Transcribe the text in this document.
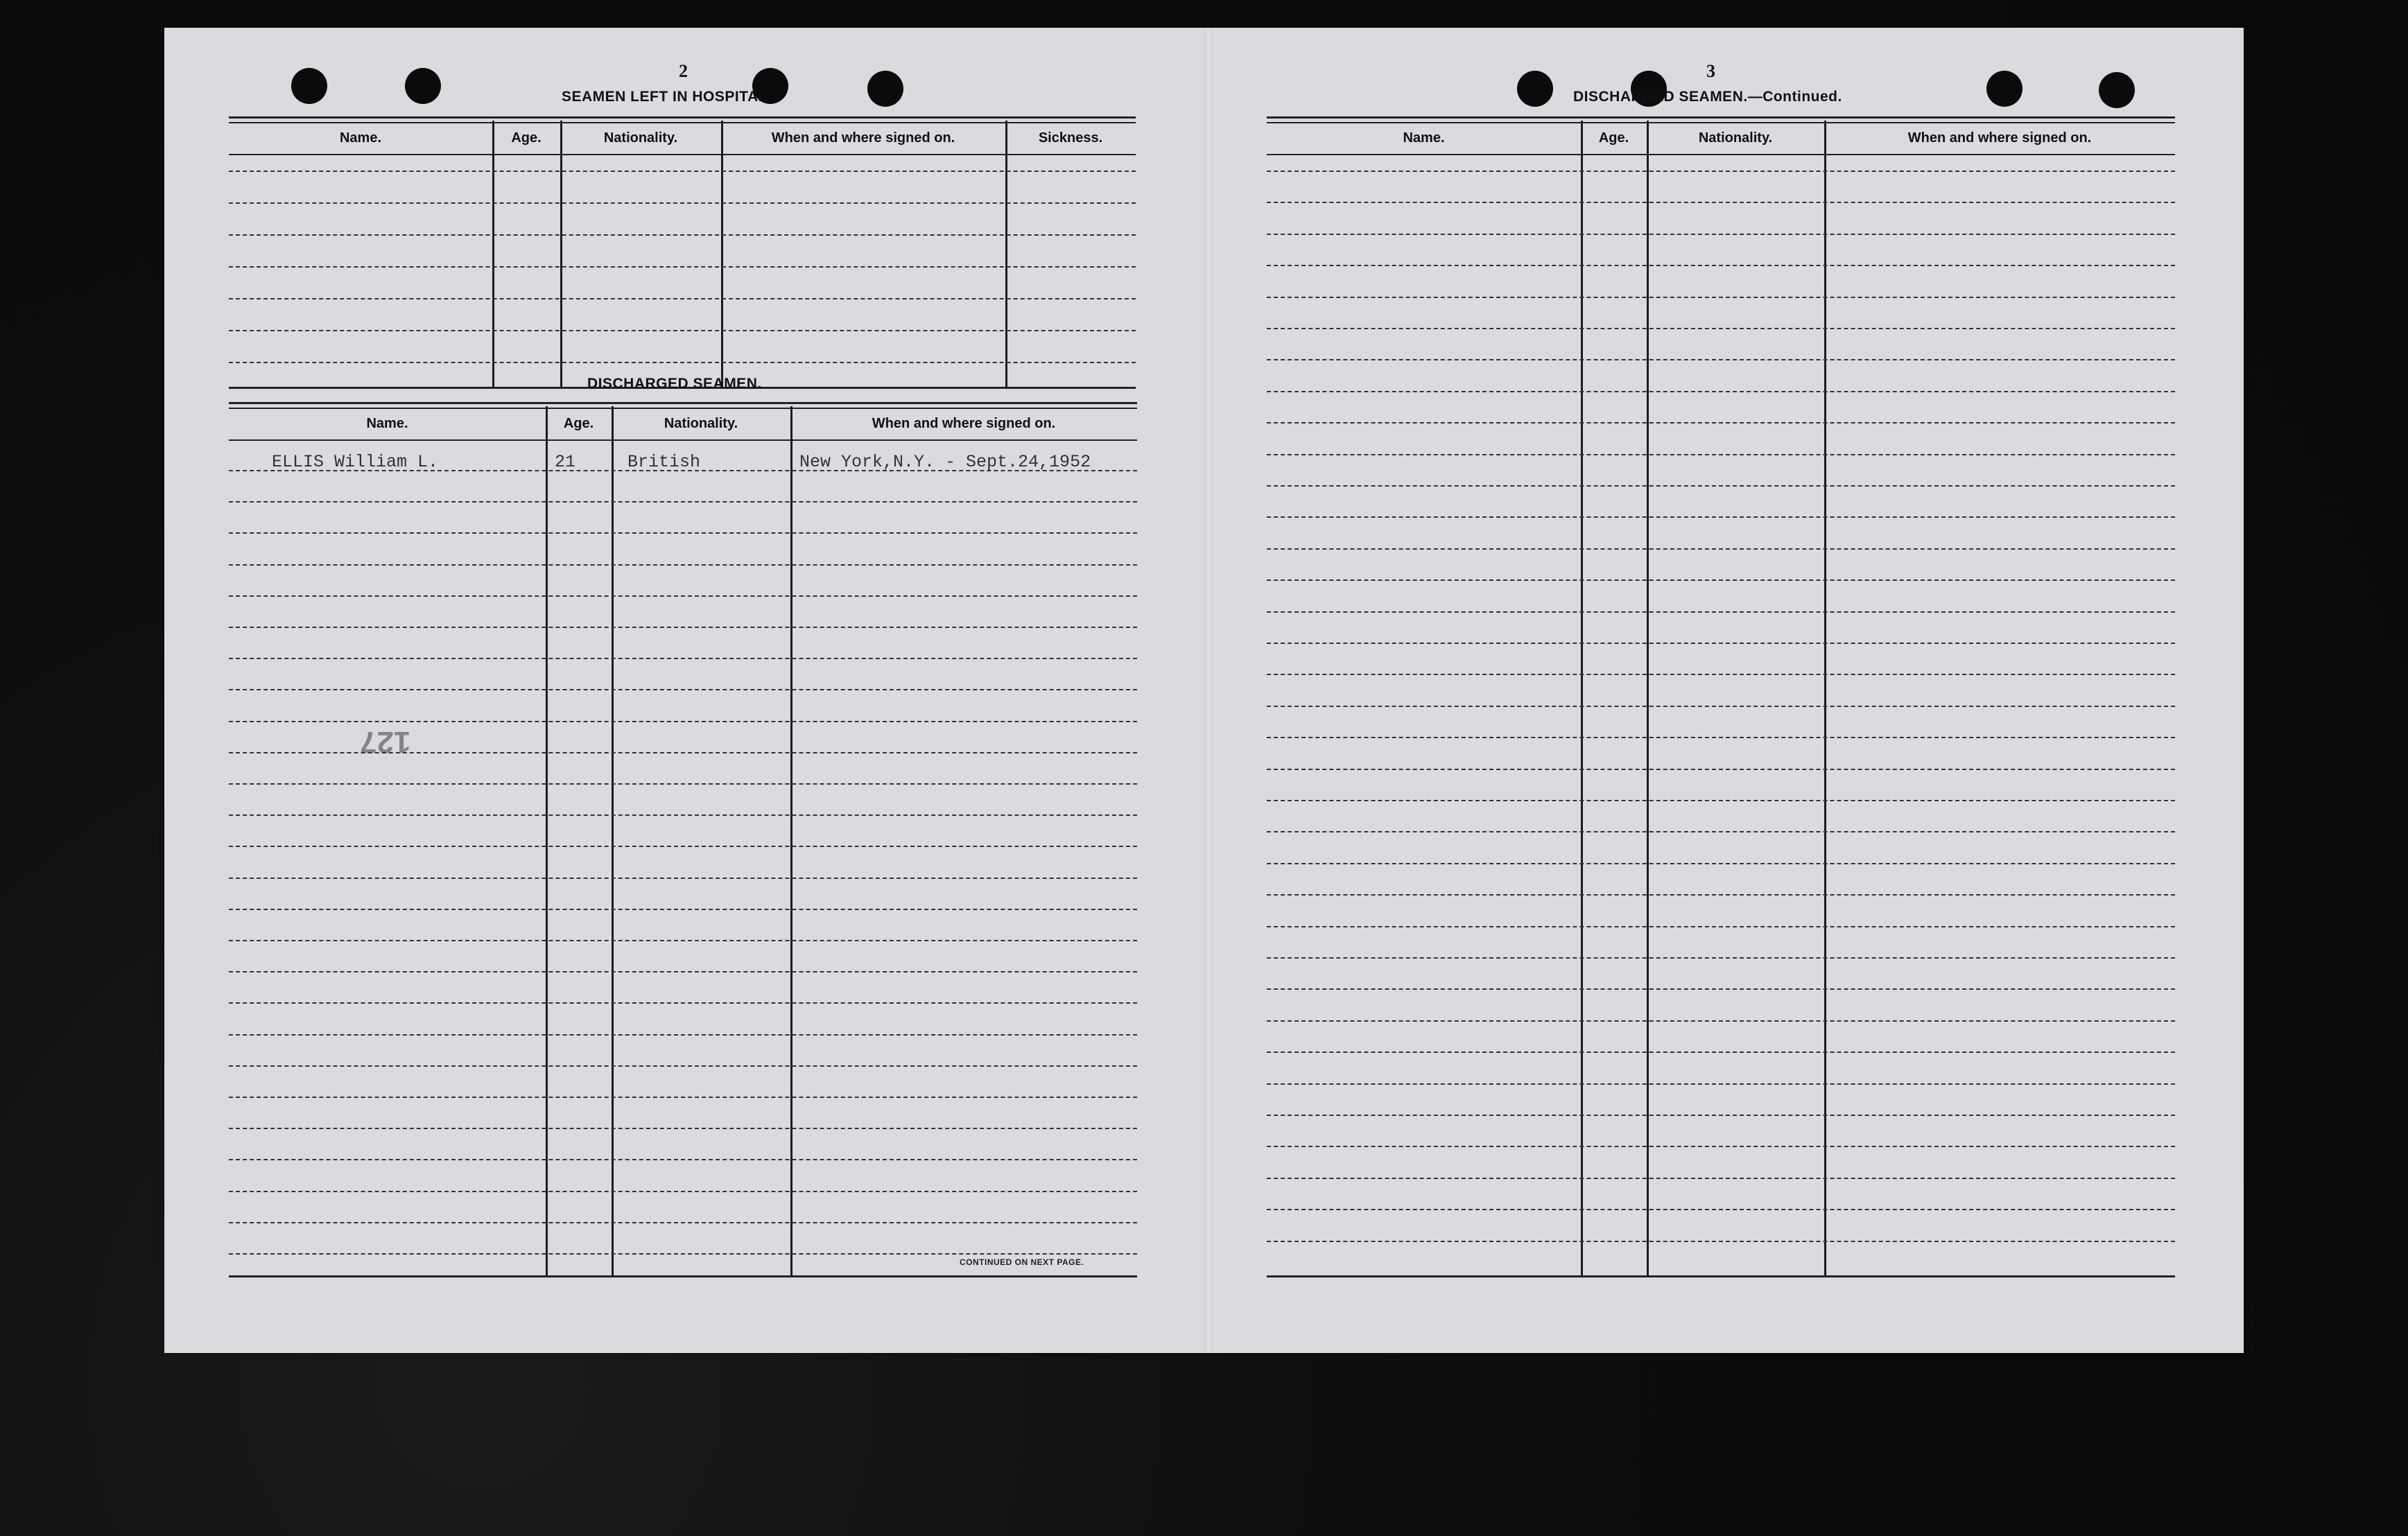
2
SEAMEN LEFT IN HOSPITAL.
Name.	Age.	Nationality.	When and where signed on.	Sickness.
DISCHARGED SEAMEN.
Name.	Age.	Nationality.	When and where signed on.
ELLIS William L.	21	British	New York,N.Y. - Sept.24,1952
127
CONTINUED ON NEXT PAGE.
3
DISCHARGED SEAMEN.—Continued.
Name.	Age.	Nationality.	When and where signed on.
